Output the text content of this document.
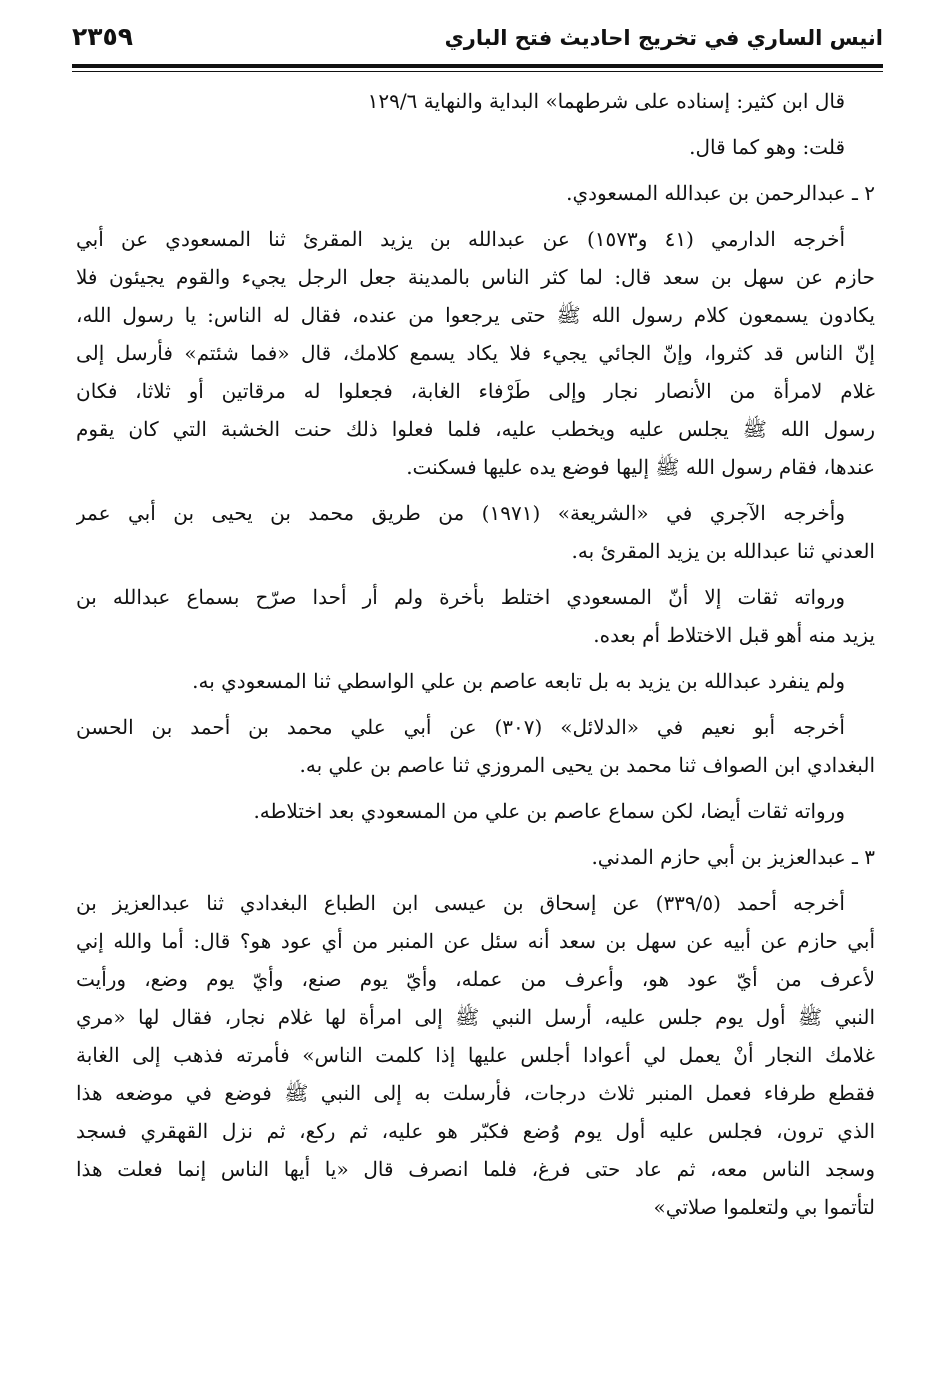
انيس الساري في تخريج احاديث فتح الباري
٢٣٥٩
قال ابن كثير: إسناده على شرطهما» البداية والنهاية ١٢٩/٦
قلت: وهو كما قال.
٢ ـ عبدالرحمن بن عبدالله المسعودي.
أخرجه الدارمي (٤١ و١٥٧٣) عن عبدالله بن يزيد المقرئ ثنا المسعودي عن أبي
حازم عن سهل بن سعد قال: لما كثر الناس بالمدينة جعل الرجل يجيء والقوم يجيئون فلا
يكادون يسمعون كلام رسول الله ﷺ حتى يرجعوا من عنده، فقال له الناس: يا رسول الله،
إنّ الناس قد كثروا، وإنّ الجائي يجيء فلا يكاد يسمع كلامك، قال «فما شئتم» فأرسل إلى
غلام لامرأة من الأنصار نجار وإلى طَرْفاء الغابة، فجعلوا له مرقاتين أو ثلاثا، فكان
رسول الله ﷺ يجلس عليه ويخطب عليه، فلما فعلوا ذلك حنت الخشبة التي كان يقوم
عندها، فقام رسول الله ﷺ إليها فوضع يده عليها فسكنت.
وأخرجه الآجري في «الشريعة» (١٩٧١) من طريق محمد بن يحيى بن أبي عمر
العدني ثنا عبدالله بن يزيد المقرئ به.
ورواته ثقات إلا أنّ المسعودي اختلط بأخرة ولم أر أحدا صرّح بسماع عبدالله بن
يزيد منه أهو قبل الاختلاط أم بعده.
ولم ينفرد عبدالله بن يزيد به بل تابعه عاصم بن علي الواسطي ثنا المسعودي به.
أخرجه أبو نعيم في «الدلائل» (٣٠٧) عن أبي علي محمد بن أحمد بن الحسن
البغدادي ابن الصواف ثنا محمد بن يحيى المروزي ثنا عاصم بن علي به.
ورواته ثقات أيضا، لكن سماع عاصم بن علي من المسعودي بعد اختلاطه.
٣ ـ عبدالعزيز بن أبي حازم المدني.
أخرجه أحمد (٣٣٩/٥) عن إسحاق بن عيسى ابن الطباع البغدادي ثنا عبدالعزيز بن
أبي حازم عن أبيه عن سهل بن سعد أنه سئل عن المنبر من أي عود هو؟ قال: أما والله إني
لأعرف من أيّ عود هو، وأعرف من عمله، وأيّ يوم صنع، وأيّ يوم وضع، ورأيت
النبي ﷺ أول يوم جلس عليه، أرسل النبي ﷺ إلى امرأة لها غلام نجار، فقال لها «مري
غلامك النجار أنْ يعمل لي أعوادا أجلس عليها إذا كلمت الناس» فأمرته فذهب إلى الغابة
فقطع طرفاء فعمل المنبر ثلاث درجات، فأرسلت به إلى النبي ﷺ فوضع في موضعه هذا
الذي ترون، فجلس عليه أول يوم وُضع فكبّر هو عليه، ثم ركع، ثم نزل القهقري فسجد
وسجد الناس معه، ثم عاد حتى فرغ، فلما انصرف قال «يا أيها الناس إنما فعلت هذا
لتأتموا بي ولتعلموا صلاتي»
